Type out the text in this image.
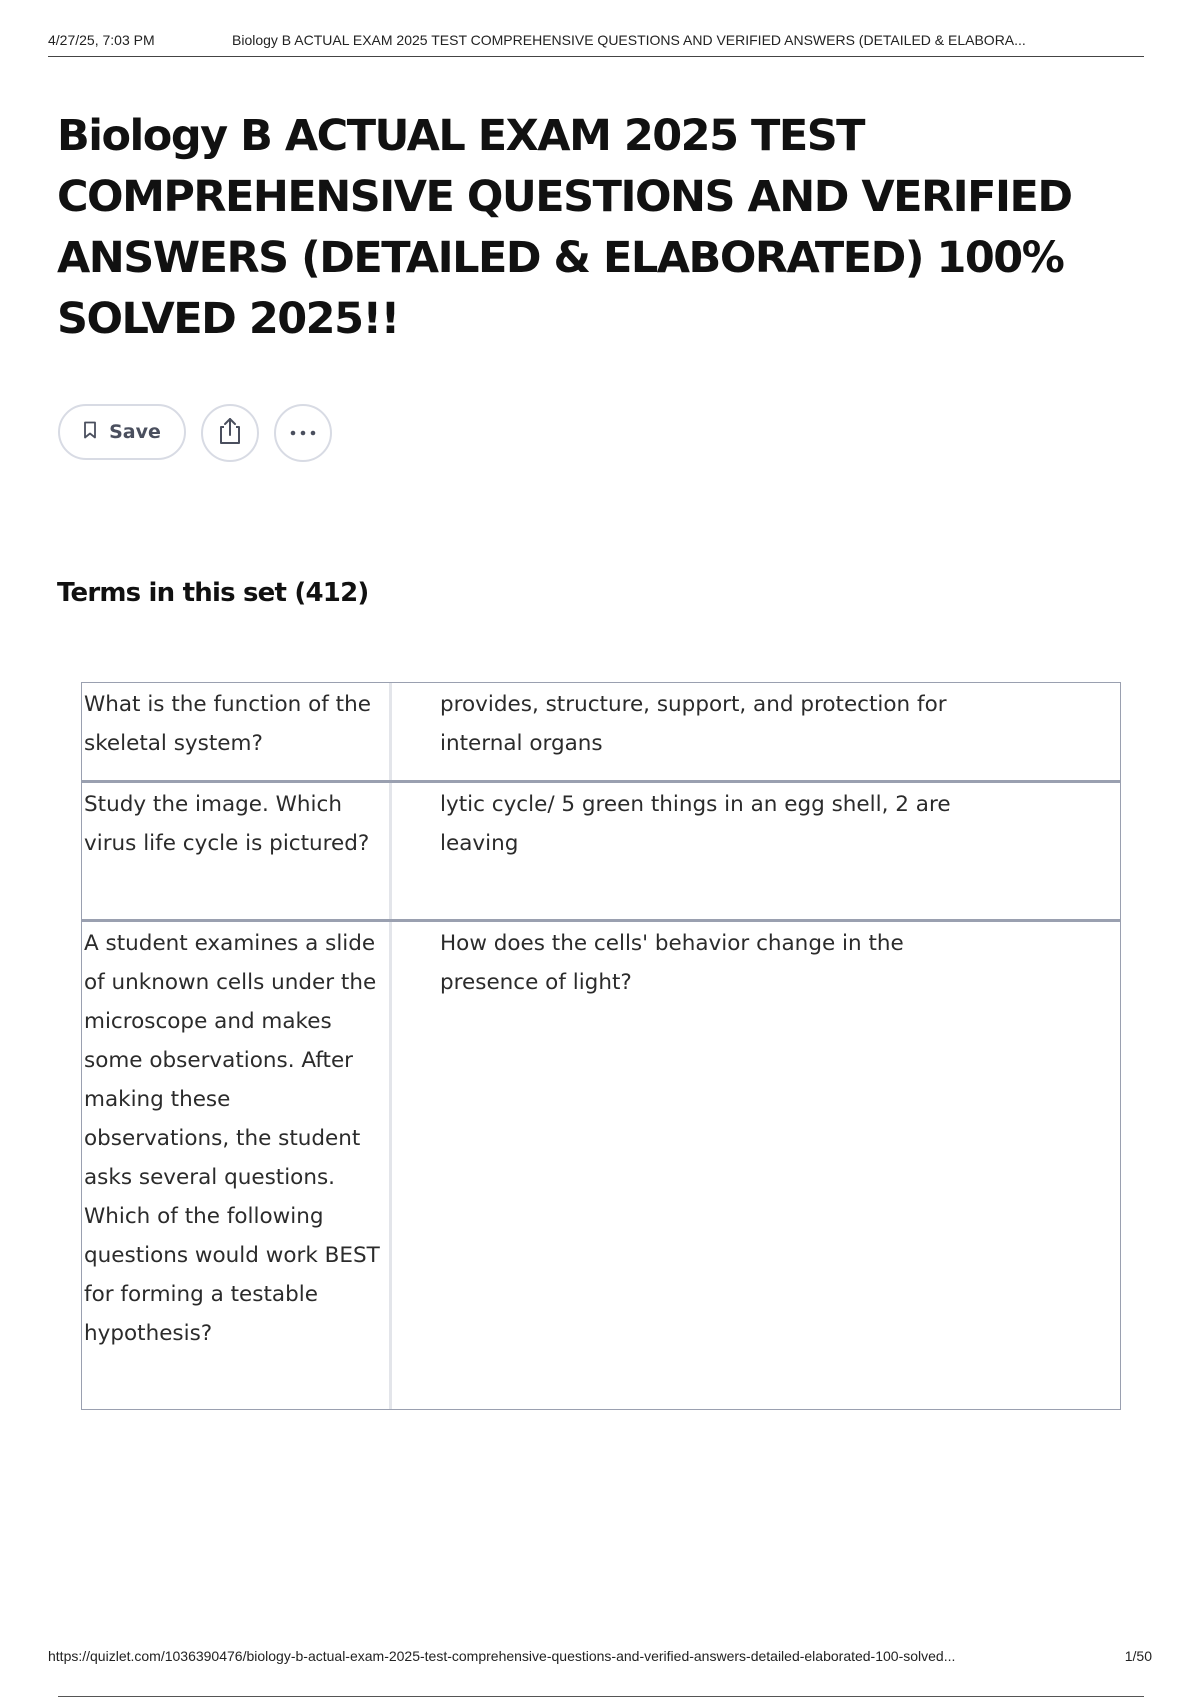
4/27/25, 7:03 PM	Biology B ACTUAL EXAM 2025 TEST COMPREHENSIVE QUESTIONS AND VERIFIED ANSWERS (DETAILED & ELABORA...
Biology B ACTUAL EXAM 2025 TEST COMPREHENSIVE QUESTIONS AND VERIFIED ANSWERS (DETAILED & ELABORATED) 100% SOLVED 2025!!
Save
Terms in this set (412)
What is the function of the skeletal system?
provides, structure, support, and protection for internal organs
Study the image. Which virus life cycle is pictured?
lytic cycle/ 5 green things in an egg shell, 2 are leaving
A student examines a slide of unknown cells under the microscope and makes some observations. After making these observations, the student asks several questions. Which of the following questions would work BEST for forming a testable hypothesis?
How does the cells' behavior change in the presence of light?
https://quizlet.com/1036390476/biology-b-actual-exam-2025-test-comprehensive-questions-and-verified-answers-detailed-elaborated-100-solved...	1/50
